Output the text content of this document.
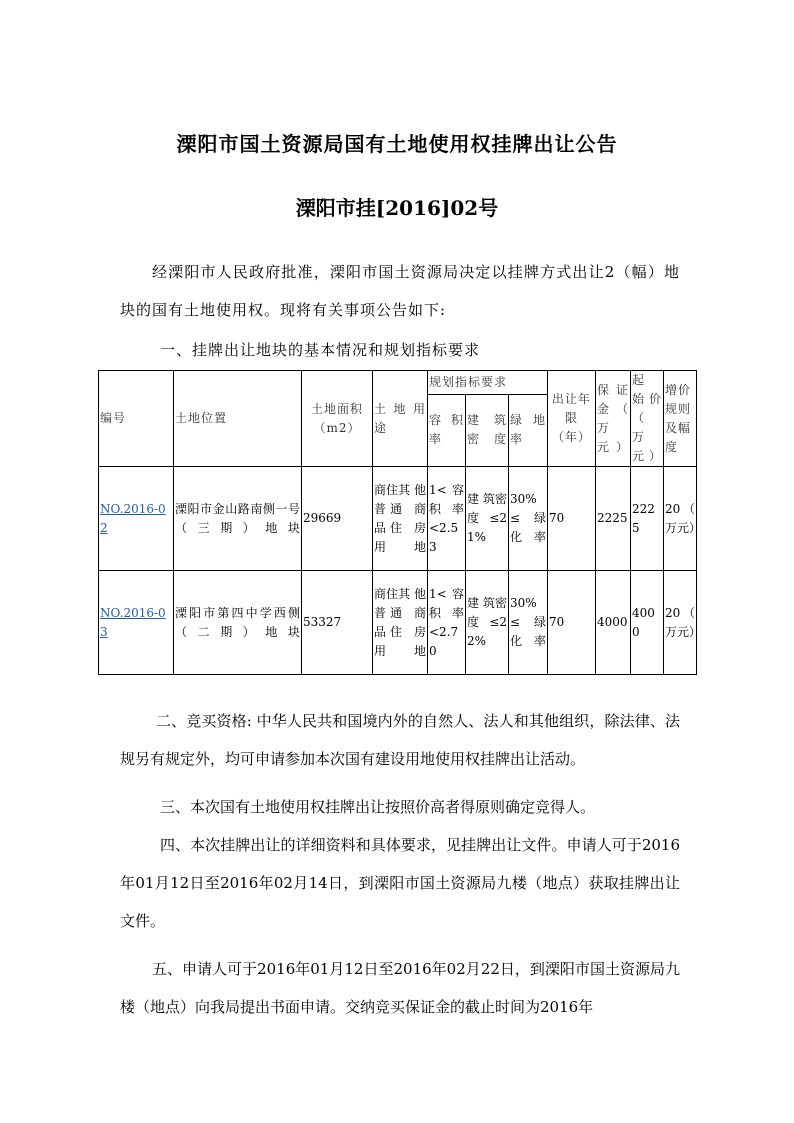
溧阳市国土资源局国有土地使用权挂牌出让公告
溧阳市挂[2016]02号

经溧阳市人民政府批准，溧阳市国土资源局决定以挂牌方式出让2（幅）地块的国有土地使用权。现将有关事项公告如下:

一、挂牌出让地块的基本情况和规划指标要求

编号	土地位置	土地面积（m2）	土 地 用途	规划指标要求			出让年限（年）	保 证金（ 万元）	起 始价（ 万元）	增价规则及幅度
				容 积率	建 筑密度	绿 地率				
NO.2016-02	溧阳市金山路南侧一号（三期）地块	29669	商住其 他 普通 商 品住 房 用地	1< 容积 率<2.53	建 筑密 度≤21%	30%≤绿 化率	70	2225	2225	20（ 万元）
NO.2016-03	溧阳市第四中学西侧（二期）地块	53327	商住其 他 普通 商 品住 房 用地	1< 容积 率<2.70	建 筑密 度≤22%	30%≤绿 化率	70	4000	4000	20（ 万元）

二、竞买资格: 中华人民共和国境内外的自然人、法人和其他组织，除法律、法规另有规定外，均可申请参加本次国有建设用地使用权挂牌出让活动。

三、本次国有土地使用权挂牌出让按照价高者得原则确定竞得人。

四、本次挂牌出让的详细资料和具体要求，见挂牌出让文件。申请人可于2016年01月12日至2016年02月14日，到溧阳市国土资源局九楼（地点）获取挂牌出让文件。

五、申请人可于2016年01月12日至2016年02月22日，到溧阳市国土资源局九楼（地点）向我局提出书面申请。交纳竞买保证金的截止时间为2016年
